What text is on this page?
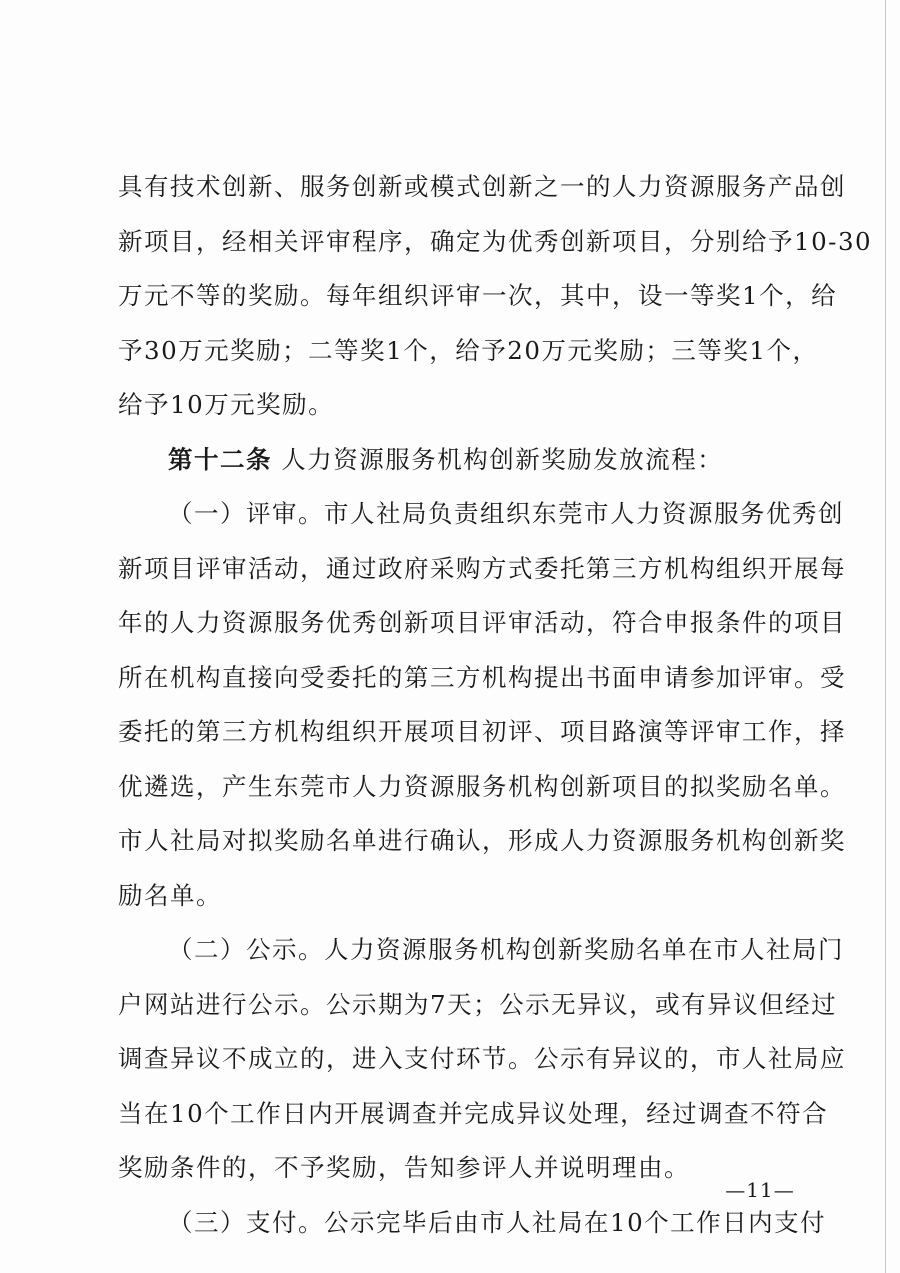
具有技术创新、服务创新或模式创新之一的人力资源服务产品创
新项目，经相关评审程序，确定为优秀创新项目，分别给予10-30
万元不等的奖励。每年组织评审一次，其中，设一等奖1个，给
予30万元奖励；二等奖1个，给予20万元奖励；三等奖1个，
给予10万元奖励。
第十二条 人力资源服务机构创新奖励发放流程：
（一）评审。市人社局负责组织东莞市人力资源服务优秀创
新项目评审活动，通过政府采购方式委托第三方机构组织开展每
年的人力资源服务优秀创新项目评审活动，符合申报条件的项目
所在机构直接向受委托的第三方机构提出书面申请参加评审。受
委托的第三方机构组织开展项目初评、项目路演等评审工作，择
优遴选，产生东莞市人力资源服务机构创新项目的拟奖励名单。
市人社局对拟奖励名单进行确认，形成人力资源服务机构创新奖
励名单。
（二）公示。人力资源服务机构创新奖励名单在市人社局门
户网站进行公示。公示期为7天；公示无异议，或有异议但经过
调查异议不成立的，进入支付环节。公示有异议的，市人社局应
当在10个工作日内开展调查并完成异议处理，经过调查不符合
奖励条件的，不予奖励，告知参评人并说明理由。
（三）支付。公示完毕后由市人社局在10个工作日内支付
—11—
